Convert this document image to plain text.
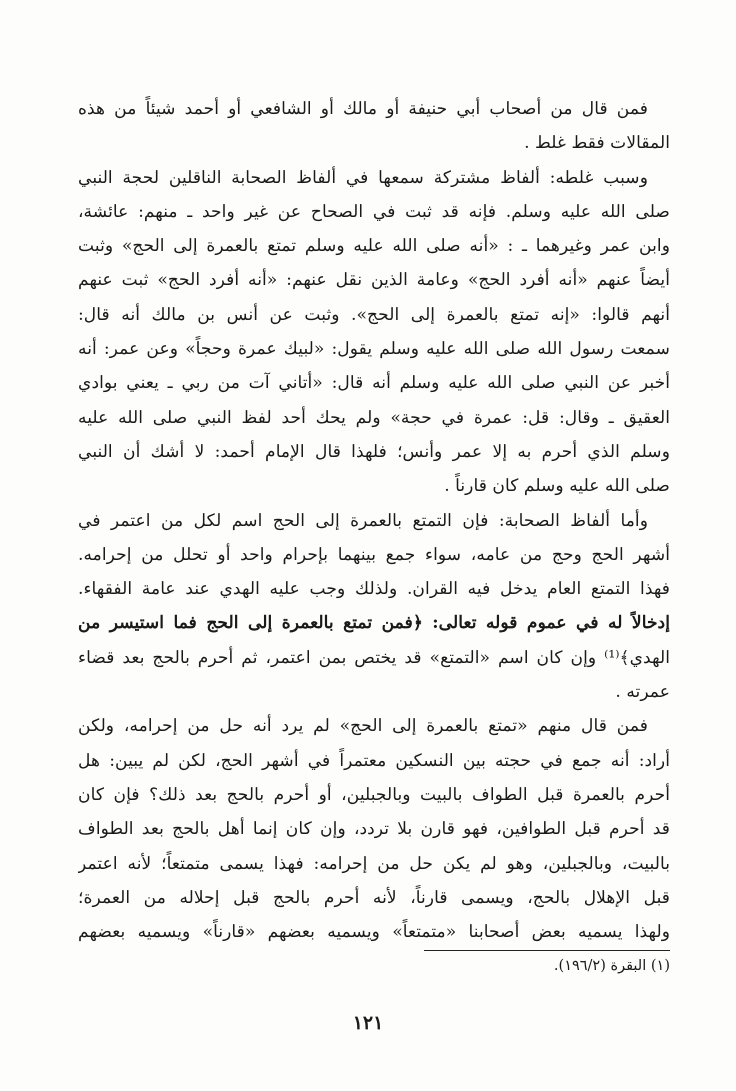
فمن قال من أصحاب أبي حنيفة أو مالك أو الشافعي أو أحمد شيئاً من هذه
المقالات فقط غلط .
وسبب غلطه: ألفاظ مشتركة سمعها في ألفاظ الصحابة الناقلين لحجة النبي
صلى الله عليه وسلم. فإنه قد ثبت في الصحاح عن غير واحد ـ منهم: عائشة،
وابن عمر وغيرهما ـ : «أنه صلى الله عليه وسلم تمتع بالعمرة إلى الحج» وثبت
أيضاً عنهم «أنه أفرد الحج» وعامة الذين نقل عنهم: «أنه أفرد الحج» ثبت عنهم
أنهم قالوا: «إنه تمتع بالعمرة إلى الحج». وثبت عن أنس بن مالك أنه قال:
سمعت رسول الله صلى الله عليه وسلم يقول: «لبيك عمرة وحجاً» وعن عمر: أنه
أخبر عن النبي صلى الله عليه وسلم أنه قال: «أتاني آت من ربي ـ يعني بوادي
العقيق ـ وقال: قل: عمرة في حجة» ولم يحك أحد لفظ النبي صلى الله عليه
وسلم الذي أحرم به إلا عمر وأنس؛ فلهذا قال الإمام أحمد: لا أشك أن النبي
صلى الله عليه وسلم كان قارناً .
وأما ألفاظ الصحابة: فإن التمتع بالعمرة إلى الحج اسم لكل من اعتمر في
أشهر الحج وحج من عامه، سواء جمع بينهما بإحرام واحد أو تحلل من إحرامه.
فهذا التمتع العام يدخل فيه القران. ولذلك وجب عليه الهدي عند عامة الفقهاء.
إدخالاً له في عموم قوله تعالى: ﴿فمن تمتع بالعمرة إلى الحج فما استيسر من
الهدي﴾⁽¹⁾ وإن كان اسم «التمتع» قد يختص بمن اعتمر، ثم أحرم بالحج بعد قضاء
عمرته .
فمن قال منهم «تمتع بالعمرة إلى الحج» لم يرد أنه حل من إحرامه، ولكن
أراد: أنه جمع في حجته بين النسكين معتمراً في أشهر الحج، لكن لم يبين: هل
أحرم بالعمرة قبل الطواف بالبيت وبالجبلين، أو أحرم بالحج بعد ذلك؟ فإن كان
قد أحرم قبل الطوافين، فهو قارن بلا تردد، وإن كان إنما أهل بالحج بعد الطواف
بالبيت، وبالجبلين، وهو لم يكن حل من إحرامه: فهذا يسمى متمتعاً؛ لأنه اعتمر
قبل الإهلال بالحج، ويسمى قارناً، لأنه أحرم بالحج قبل إحلاله من العمرة؛
ولهذا يسميه بعض أصحابنا «متمتعاً» ويسميه بعضهم «قارناً» ويسميه بعضهم
(١) البقرة (١٩٦/٢).
١٢١
